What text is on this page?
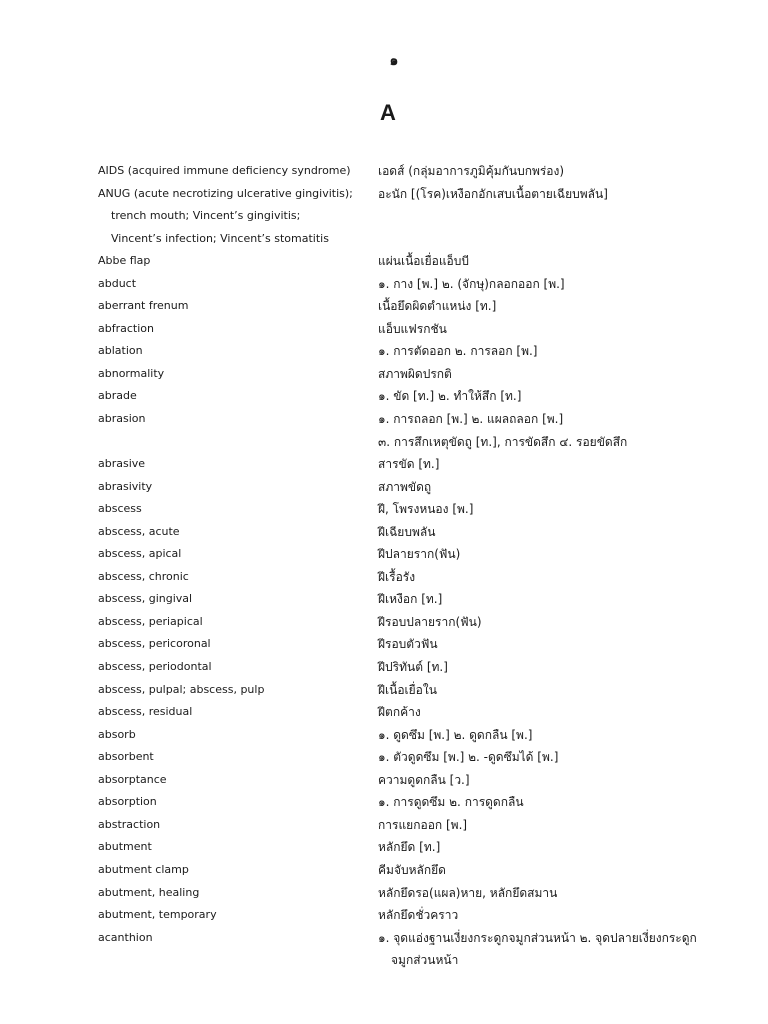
๑
A
AIDS (acquired immune deficiency syndrome) เอดส์ (กลุ่มอาการภูมิคุ้มกันบกพร่อง)
ANUG (acute necrotizing ulcerative gingivitis); อะนัก [(โรค)เหงือกอักเสบเนื้อตายเฉียบพลัน]
trench mouth; Vincent’s gingivitis;
Vincent’s infection; Vincent’s stomatitis
Abbe flap	แผ่นเนื้อเยื่อแอ็บบี
abduct	๑. กาง [พ.] ๒. (จักษุ)กลอกออก [พ.]
aberrant frenum	เนื้อยึดผิดตำแหน่ง [ท.]
abfraction	แอ็บแฟรกชัน
ablation	๑. การตัดออก ๒. การลอก [พ.]
abnormality	สภาพผิดปรกติ
abrade	๑. ขัด [ท.] ๒. ทำให้สึก [ท.]
abrasion	๑. การถลอก [พ.] ๒. แผลถลอก [พ.]
๓. การสึกเหตุขัดถู [ท.], การขัดสึก ๔. รอยขัดสึก
abrasive	สารขัด [ท.]
abrasivity	สภาพขัดถู
abscess	ฝี, โพรงหนอง [พ.]
abscess, acute	ฝีเฉียบพลัน
abscess, apical	ฝีปลายราก(ฟัน)
abscess, chronic	ฝีเรื้อรัง
abscess, gingival	ฝีเหงือก [ท.]
abscess, periapical	ฝีรอบปลายราก(ฟัน)
abscess, pericoronal	ฝีรอบตัวฟัน
abscess, periodontal	ฝีปริทันต์ [ท.]
abscess, pulpal; abscess, pulp	ฝีเนื้อเยื่อใน
abscess, residual	ฝีตกค้าง
absorb	๑. ดูดซึม [พ.] ๒. ดูดกลืน [พ.]
absorbent	๑. ตัวดูดซึม [พ.] ๒. -ดูดซึมได้ [พ.]
absorptance	ความดูดกลืน [ว.]
absorption	๑. การดูดซึม ๒. การดูดกลืน
abstraction	การแยกออก [พ.]
abutment	หลักยึด [ท.]
abutment clamp	คีมจับหลักยึด
abutment, healing	หลักยึดรอ(แผล)หาย, หลักยึดสมาน
abutment, temporary	หลักยึดชั่วคราว
acanthion	๑. จุดแอ่งฐานเงี่ยงกระดูกจมูกส่วนหน้า ๒. จุดปลายเงี่ยงกระดูก
จมูกส่วนหน้า
